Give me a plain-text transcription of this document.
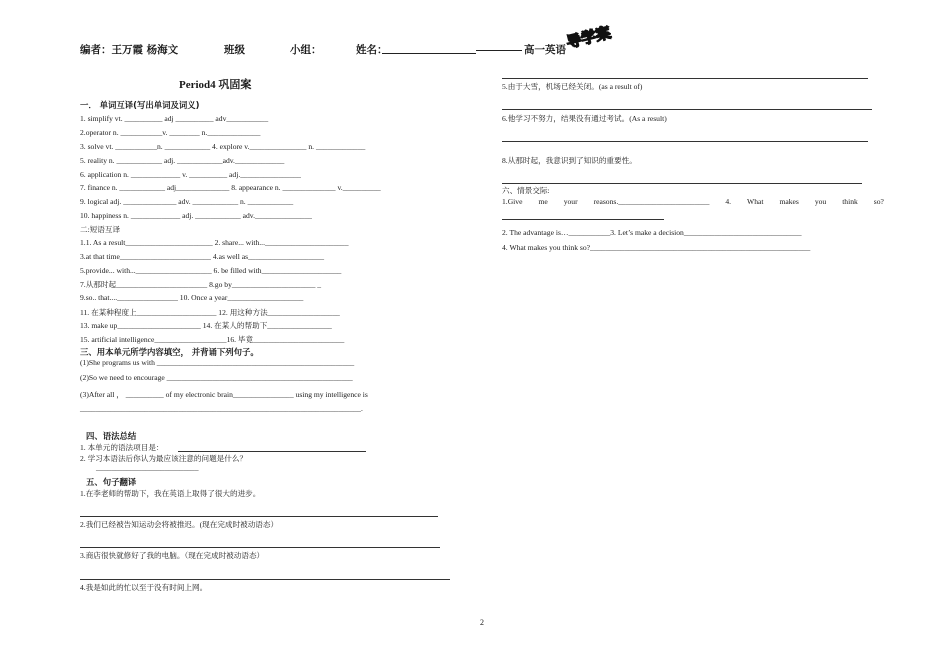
编者：王万霞 杨海文	班级	小组：	姓名：	高一英语
导学案
Period4 巩固案
一． 单词互译(写出单词及词义)
1. simplify vt. __________ adj __________ adv___________
2.operator n. ___________v. ________ n.______________
3. solve vt. ___________n. ____________ 4. explore v._______________ n. _____________
5. reality n. ____________ adj. ____________adv._____________
6. application n. _____________ v. __________ adj.________________
7. finance n. ____________ adj______________ 8. appearance n. ______________ v.__________
9. logical adj. ______________ adv. ____________ n. ____________
10. happiness n. _____________ adj. ____________ adv._______________
二:短语互译
1.1. As a result_______________________ 2. share... with...______________________
3.at that time________________________ 4.as well as____________________
5.provide... with...____________________ 6. be filled with_____________________
7.从那时起________________________ 8.go by______________________ _
9.so.. that....________________ 10. Once a year____________________
11. 在某种程度上_____________________ 12. 用这种方法___________________
13. make up______________________ 14. 在某人的帮助下_________________
15. artificial intelligence___________________16. 毕竟________________________
三、用本单元所学内容填空， 并背诵下列句子。
(1)She programs us with ____________________________________________________
(2)So we need to encourage _________________________________________________
(3)After all ， __________ of my electronic brain________________ using my intelligence is
__________________________________________________________________________.
四、语法总结
1. 本单元的语法项目是：
2. 学习本语法后你认为最应该注意的问题是什么？
___________________________
五、句子翻译
1.在李老师的帮助下，我在英语上取得了很大的进步。
2.我们已经被告知运动会将被推迟。(现在完成时被动语态）
3.商店很快就修好了我的电脑。（现在完成时被动语态）
4.我是如此的忙以至于没有时间上网。
5.由于大雪，机场已经关闭。(as a result of)
6.他学习不努力，结果没有通过考试。(As a result)
8.从那时起，我意识到了知识的重要性。
六、情景交际:
1.Give me your reasons.________________________ 4. What makes you think so?
2. The advantage is…___________3. Let’s make a decision_______________________________
4. What makes you think so?__________________________________________________________
2
